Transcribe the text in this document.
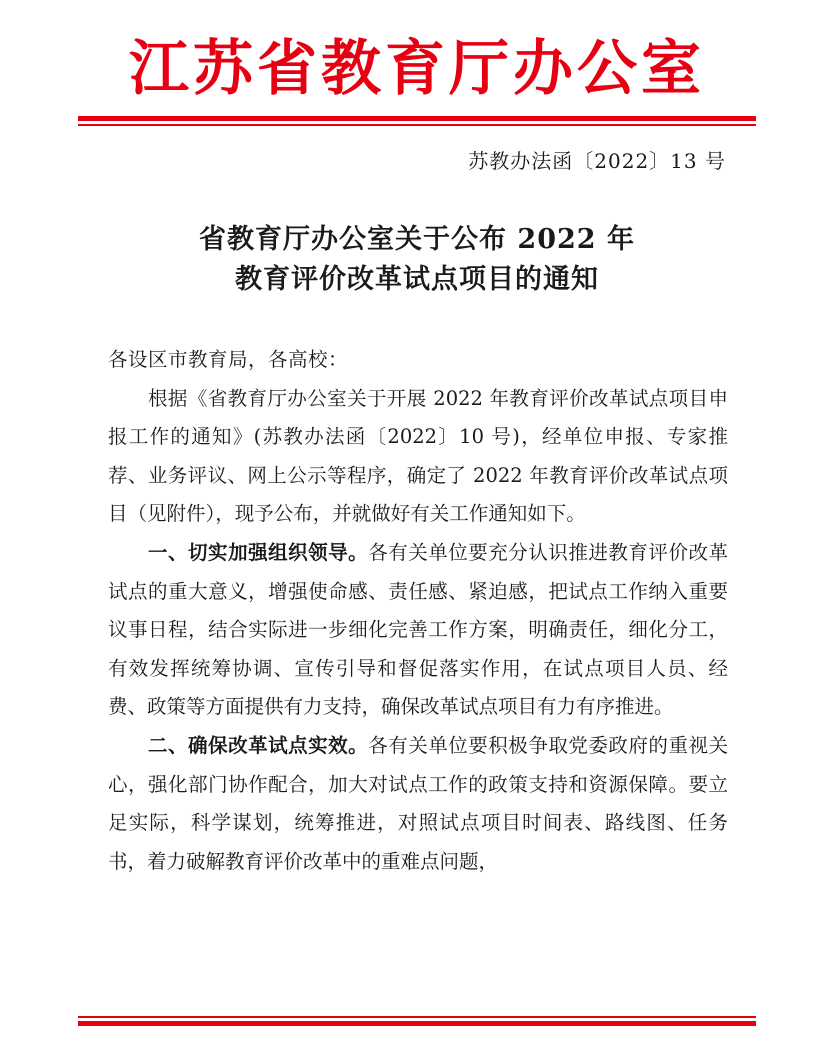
江苏省教育厅办公室
苏教办法函〔2022〕13 号
省教育厅办公室关于公布 2022 年
教育评价改革试点项目的通知

各设区市教育局，各高校：

根据《省教育厅办公室关于开展 2022 年教育评价改革试点项目申报工作的通知》(苏教办法函〔2022〕10 号)，经单位申报、专家推荐、业务评议、网上公示等程序，确定了 2022 年教育评价改革试点项目（见附件），现予公布，并就做好有关工作通知如下。

一、切实加强组织领导。各有关单位要充分认识推进教育评价改革试点的重大意义，增强使命感、责任感、紧迫感，把试点工作纳入重要议事日程，结合实际进一步细化完善工作方案，明确责任，细化分工，有效发挥统筹协调、宣传引导和督促落实作用，在试点项目人员、经费、政策等方面提供有力支持，确保改革试点项目有力有序推进。

二、确保改革试点实效。各有关单位要积极争取党委政府的重视关心，强化部门协作配合，加大对试点工作的政策支持和资源保障。要立足实际，科学谋划，统筹推进，对照试点项目时间表、路线图、任务书，着力破解教育评价改革中的重难点问题，
